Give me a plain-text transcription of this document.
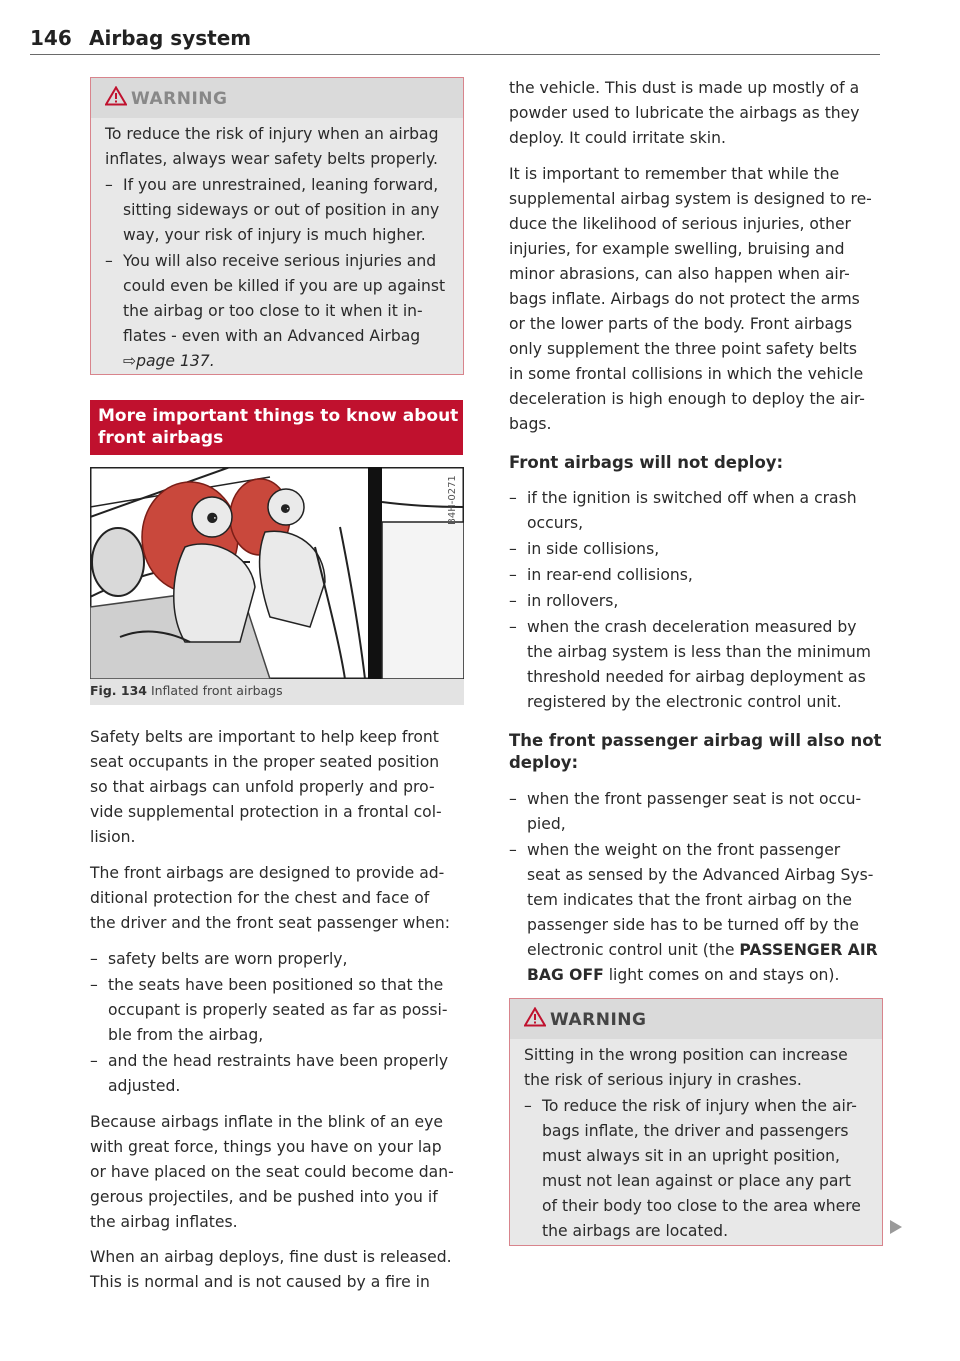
146 Airbag system
WARNING

To reduce the risk of injury when an airbag

inflates, always wear safety belts properly.

– If you are unrestrained, leaning forward,

sitting sideways or out of position in any

way, your risk of injury is much higher.

– You will also receive serious injuries and

could even be killed if you are up against

the airbag or too close to it when it in-

flates - even with an Advanced Airbag

⇨page 137.

More important things to know about
front airbags
⚈
⚈	B4H-0271
Fig. 134 Inflated front airbags

Safety belts are important to help keep front

seat occupants in the proper seated position

so that airbags can unfold properly and pro-

vide supplemental protection in a frontal col-

lision.

The front airbags are designed to provide ad-

ditional protection for the chest and face of

the driver and the front seat passenger when:

– safety belts are worn properly,

– the seats have been positioned so that the

occupant is properly seated as far as possi-

ble from the airbag,

– and the head restraints have been properly

adjusted.

Because airbags inflate in the blink of an eye

with great force, things you have on your lap

or have placed on the seat could become dan-

gerous projectiles, and be pushed into you if

the airbag inflates.

When an airbag deploys, fine dust is released.

This is normal and is not caused by a fire in

the vehicle. This dust is made up mostly of a

powder used to lubricate the airbags as they

deploy. It could irritate skin.

It is important to remember that while the

supplemental airbag system is designed to re-

duce the likelihood of serious injuries, other

injuries, for example swelling, bruising and

minor abrasions, can also happen when air-

bags inflate. Airbags do not protect the arms

or the lower parts of the body. Front airbags

only supplement the three point safety belts

in some frontal collisions in which the vehicle

deceleration is high enough to deploy the air-

bags.

Front airbags will not deploy:
– if the ignition is switched off when a crash

occurs,

– in side collisions,

– in rear-end collisions,

– in rollovers,

– when the crash deceleration measured by

the airbag system is less than the minimum

threshold needed for airbag deployment as

registered by the electronic control unit.

The front passenger airbag will also not

deploy:

– when the front passenger seat is not occu-

pied,

– when the weight on the front passenger

seat as sensed by the Advanced Airbag Sys-

tem indicates that the front airbag on the

passenger side has to be turned off by the

electronic control unit (the PASSENGER AIR

BAG OFF light comes on and stays on).

WARNING

Sitting in the wrong position can increase

the risk of serious injury in crashes.

– To reduce the risk of injury when the air-

bags inflate, the driver and passengers

must always sit in an upright position,

must not lean against or place any part

of their body too close to the area where

the airbags are located.
